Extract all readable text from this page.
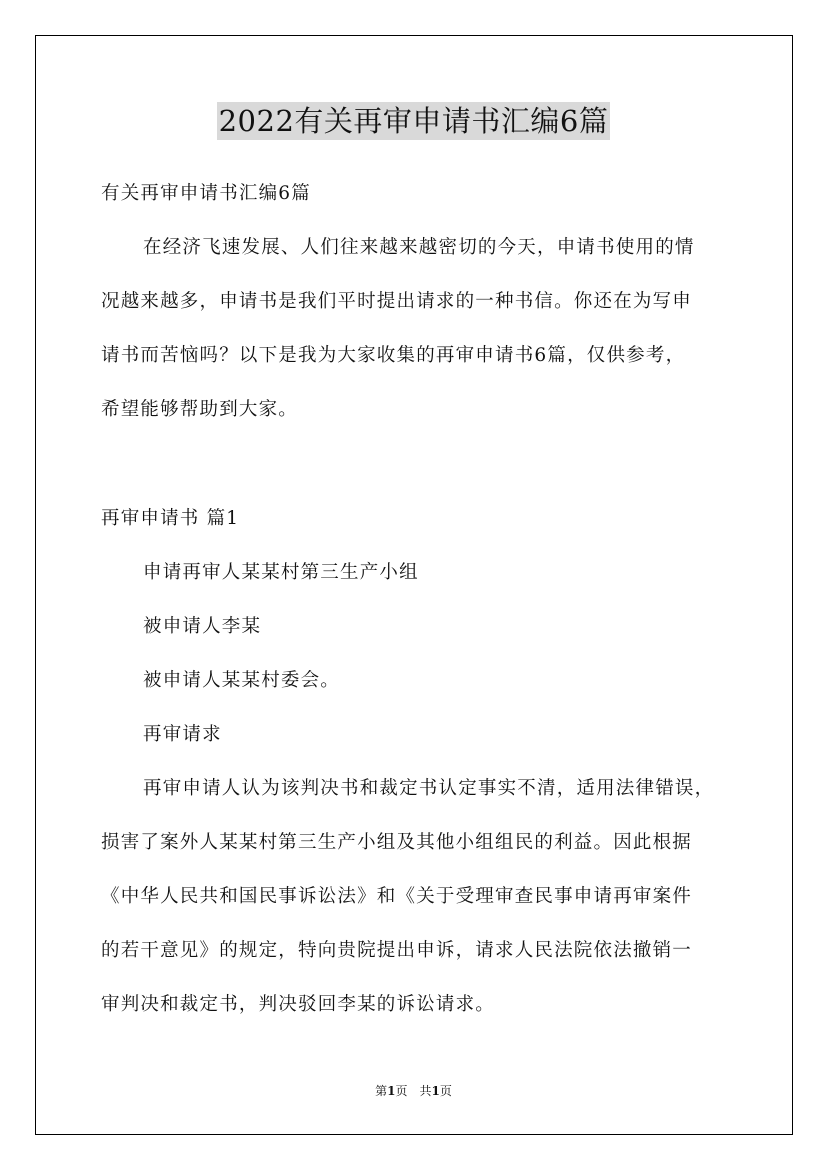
2022有关再审申请书汇编6篇
有关再审申请书汇编6篇
在经济飞速发展、人们往来越来越密切的今天，申请书使用的情
况越来越多，申请书是我们平时提出请求的一种书信。你还在为写申
请书而苦恼吗？以下是我为大家收集的再审申请书6篇，仅供参考，
希望能够帮助到大家。
再审申请书 篇1
申请再审人某某村第三生产小组
被申请人李某
被申请人某某村委会。
再审请求
再审申请人认为该判决书和裁定书认定事实不清，适用法律错误，
损害了案外人某某村第三生产小组及其他小组组民的利益。因此根据
《中华人民共和国民事诉讼法》和《关于受理审查民事申请再审案件
的若干意见》的规定，特向贵院提出申诉，请求人民法院依法撤销一
审判决和裁定书，判决驳回李某的诉讼请求。
第1页 共1页
